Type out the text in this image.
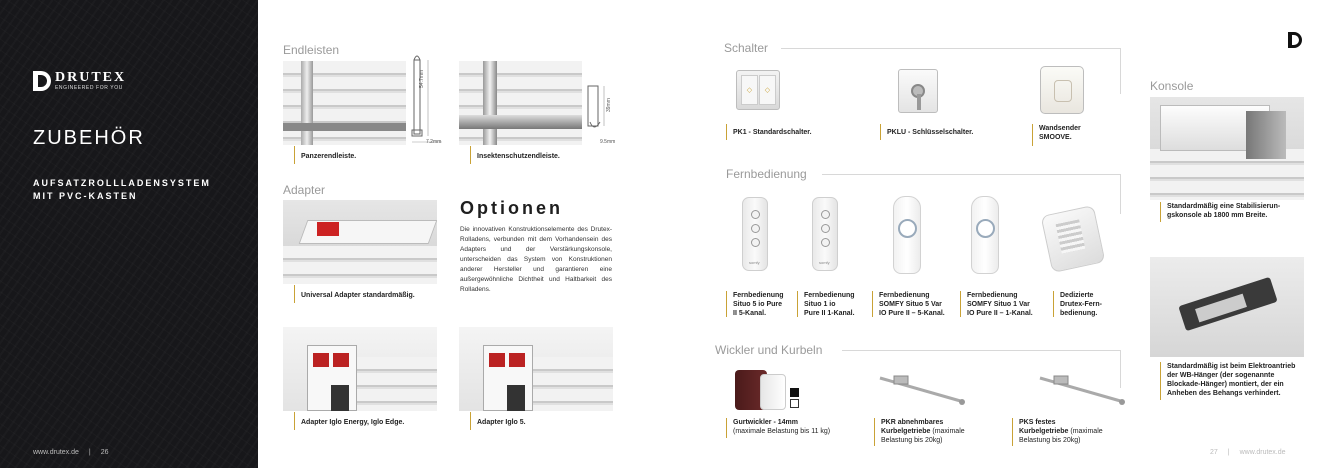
DRUTEX
ENGINEERED FOR YOU
ZUBEHÖR
AUFSATZROLLLADENSYSTEM MIT PVC-KASTEN
www.drutex.de | 26
Endleisten
54.7mm
7.2mm
Panzerendleiste.
39mm
9.5mm
Insektenschutzendleiste.
Adapter
Universal Adapter standardmäßig.
Optionen
Die innovativen Konstruktionselemente des Drutex-Rolladens, verbunden mit dem Vorhandensein des Adapters und der Verstärkungskonsole, unterscheiden das System von Konstruktionen anderer Hersteller und garantieren eine außergewöhnliche Dichtheit und Haltbarkeit des Rolladens.
Adapter Iglo Energy, Iglo Edge.	Adapter Iglo 5.
Schalter
◇	◇
PK1 - Standardschalter.	PKLU - Schlüsselschalter.
Wandsender
SMOOVE.
Fernbedienung
somfy
Fernbedienung
Situo 5 io Pure
II 5-Kanal.
somfy
Fernbedienung
Situo 1 io
Pure II 1-Kanal.
Fernbedienung
SOMFY Situo 5 Var
IO Pure II – 5-Kanal.
Fernbedienung
SOMFY Situo 1 Var
IO Pure II – 1-Kanal.
Dedizierte
Drutex-Fern-
bedienung.
Wickler und Kurbeln
Gurtwickler - 14mm
(maximale Belastung bis 11 kg)
PKR abnehmbares
Kurbelgetriebe (maximale
Belastung bis 20kg)
PKS festes
Kurbelgetriebe (maximale
Belastung bis 20kg)
Konsole
Standardmäßig eine Stabilisierun-
gskonsole ab 1800 mm Breite.
Standardmäßig ist beim Elektroantrieb
der WB-Hänger (der sogenannte
Blockade-Hänger) montiert, der ein
Anheben des Behangs verhindert.
27 | www.drutex.de
